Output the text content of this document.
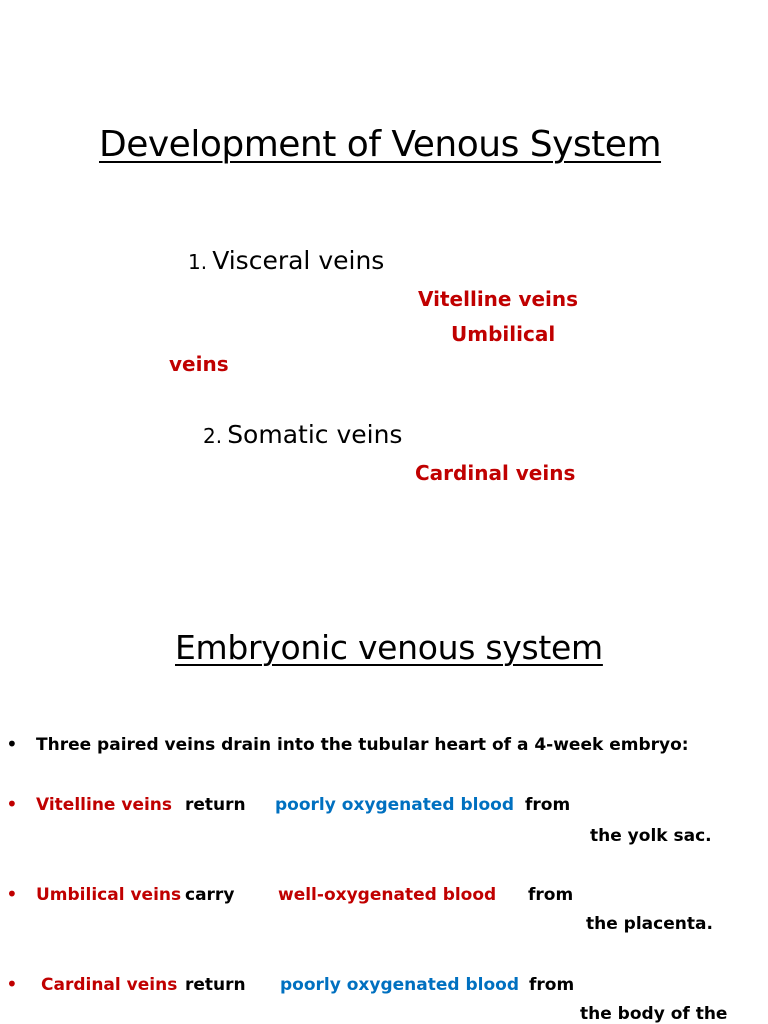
Development of Venous System
1. Visceral veins
Vitelline veins
Umbilical
veins
2. Somatic veins
Cardinal veins
Embryonic venous system
• Three paired veins drain into the tubular heart of a 4-week embryo:
• Vitelline veins return poorly oxygenated blood from
the yolk sac.
• Umbilical veins carry	well-oxygenated blood from
the placenta.
• Cardinal veins return poorly oxygenated blood from
the body of the
